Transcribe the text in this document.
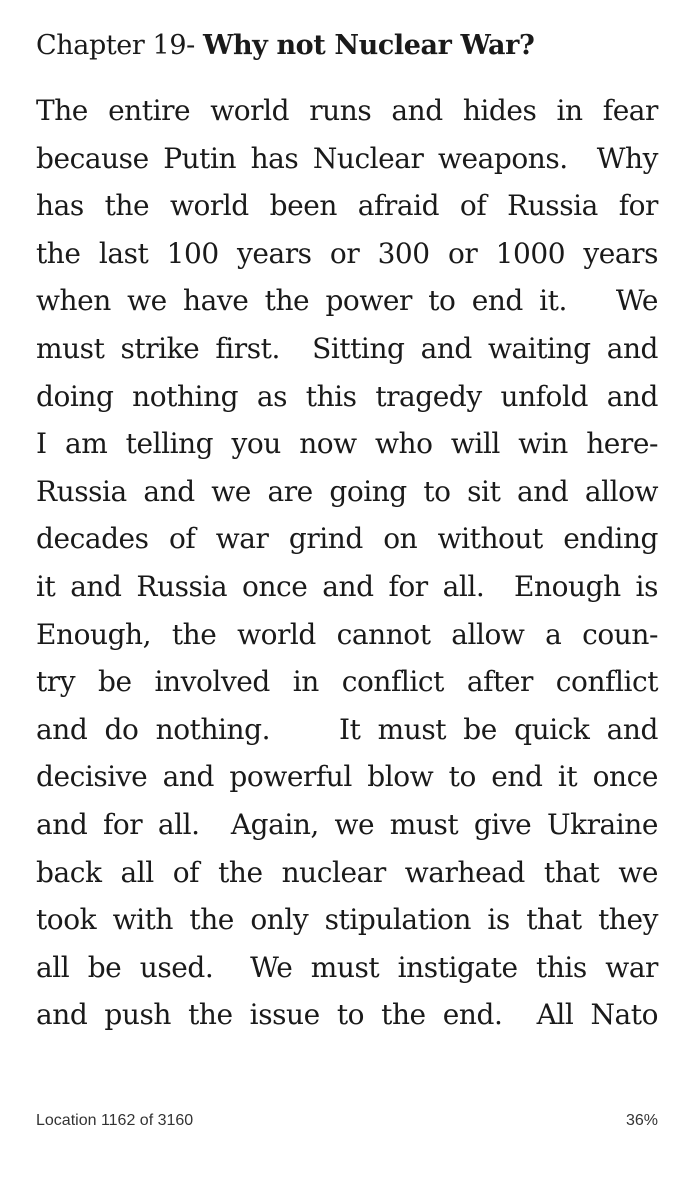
Chapter 19- Why not Nuclear War?
The entire world runs and hides in fear
because Putin has Nuclear weapons.  Why
has the world been afraid of Russia for
the last 100 years or 300 or 1000 years
when we have the power to end it.   We
must strike first.  Sitting and waiting and
doing nothing as this tragedy unfold and
I am telling you now who will win here-
Russia and we are going to sit and allow
decades of war grind on without ending
it and Russia once and for all.  Enough is
Enough, the world cannot allow a coun-
try be involved in conflict after conflict
and do nothing.    It must be quick and
decisive and powerful blow to end it once
and for all.  Again, we must give Ukraine
back all of the nuclear warhead that we
took with the only stipulation is that they
all be used.  We must instigate this war
and push the issue to the end.  All Nato
Location 1162 of 3160	36%
